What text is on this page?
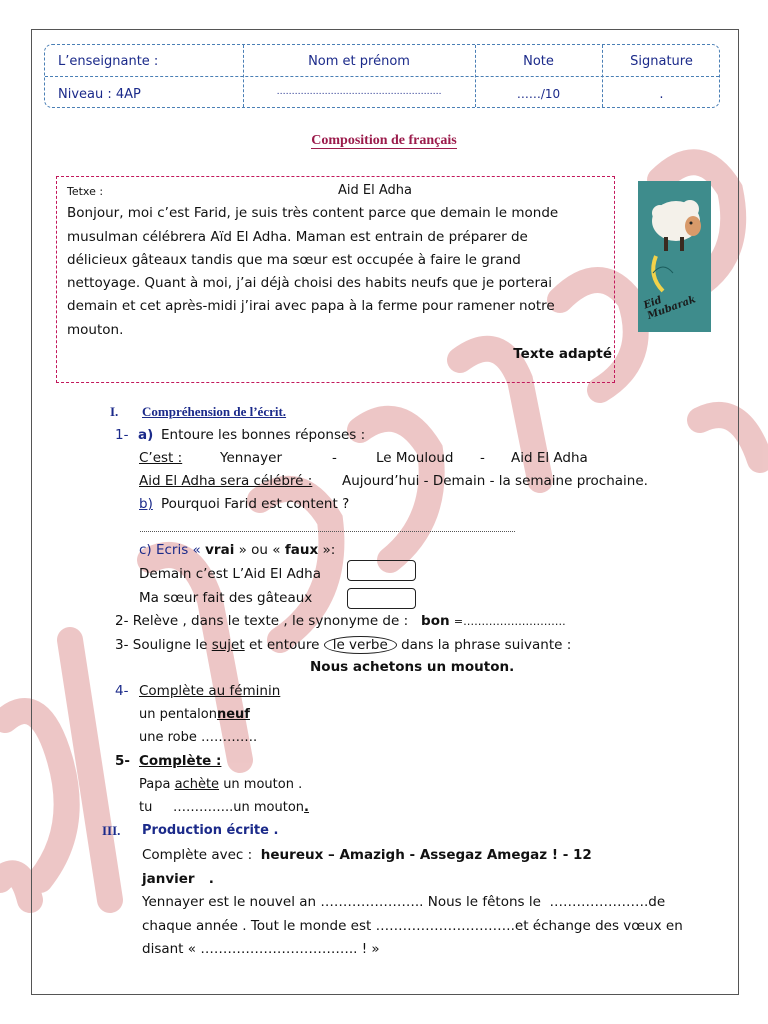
L’enseignante :	Nom et prénom	Note	Signature
Niveau : 4AP	……………………………………………….	……/10	.
Composition de français
Tetxe :	Aid El Adha
Bonjour, moi c’est Farid, je suis très content parce que demain le monde
musulman célébrera Aïd El Adha. Maman est entrain de préparer de
délicieux gâteaux tandis que ma sœur est occupée à faire le grand
nettoyage. Quant à moi, j’ai déjà choisi des habits neufs que je porterai
demain et cet après-midi j’irai avec papa à la ferme pour ramener notre
mouton.
Texte adapté
Eid Mubarak
I. Compréhension de l’écrit.
1- a) Entoure les bonnes réponses :
C’est :	Yennayer	-	Le Mouloud - Aid El Adha
Aid El Adha sera célébré : Aujourd’hui - Demain - la semaine prochaine.
b) Pourquoi Farid est content ?
c) Ecris « vrai » ou « faux »:
Demain c’est L’Aid El Adha
Ma sœur fait des gâteaux
2- Relève , dans le texte , le synonyme de : bon =……………………….
3- Souligne le sujet et entoure le verbe dans la phrase suivante :
Nous achetons un mouton.
4- Complète au féminin
un pentalonneuf
une robe ………….
5- Complète :
Papa achète un mouton .
tu …………..un mouton.
III. Production écrite .
Complète avec : heureux – Amazigh - Assegaz Amegaz ! - 12
janvier .
Yennayer est le nouvel an ………………….. Nous le fêtons le ………………….de
chaque année . Tout le monde est ………………………….et échange des vœux en
disant « …………………………….. ! »
